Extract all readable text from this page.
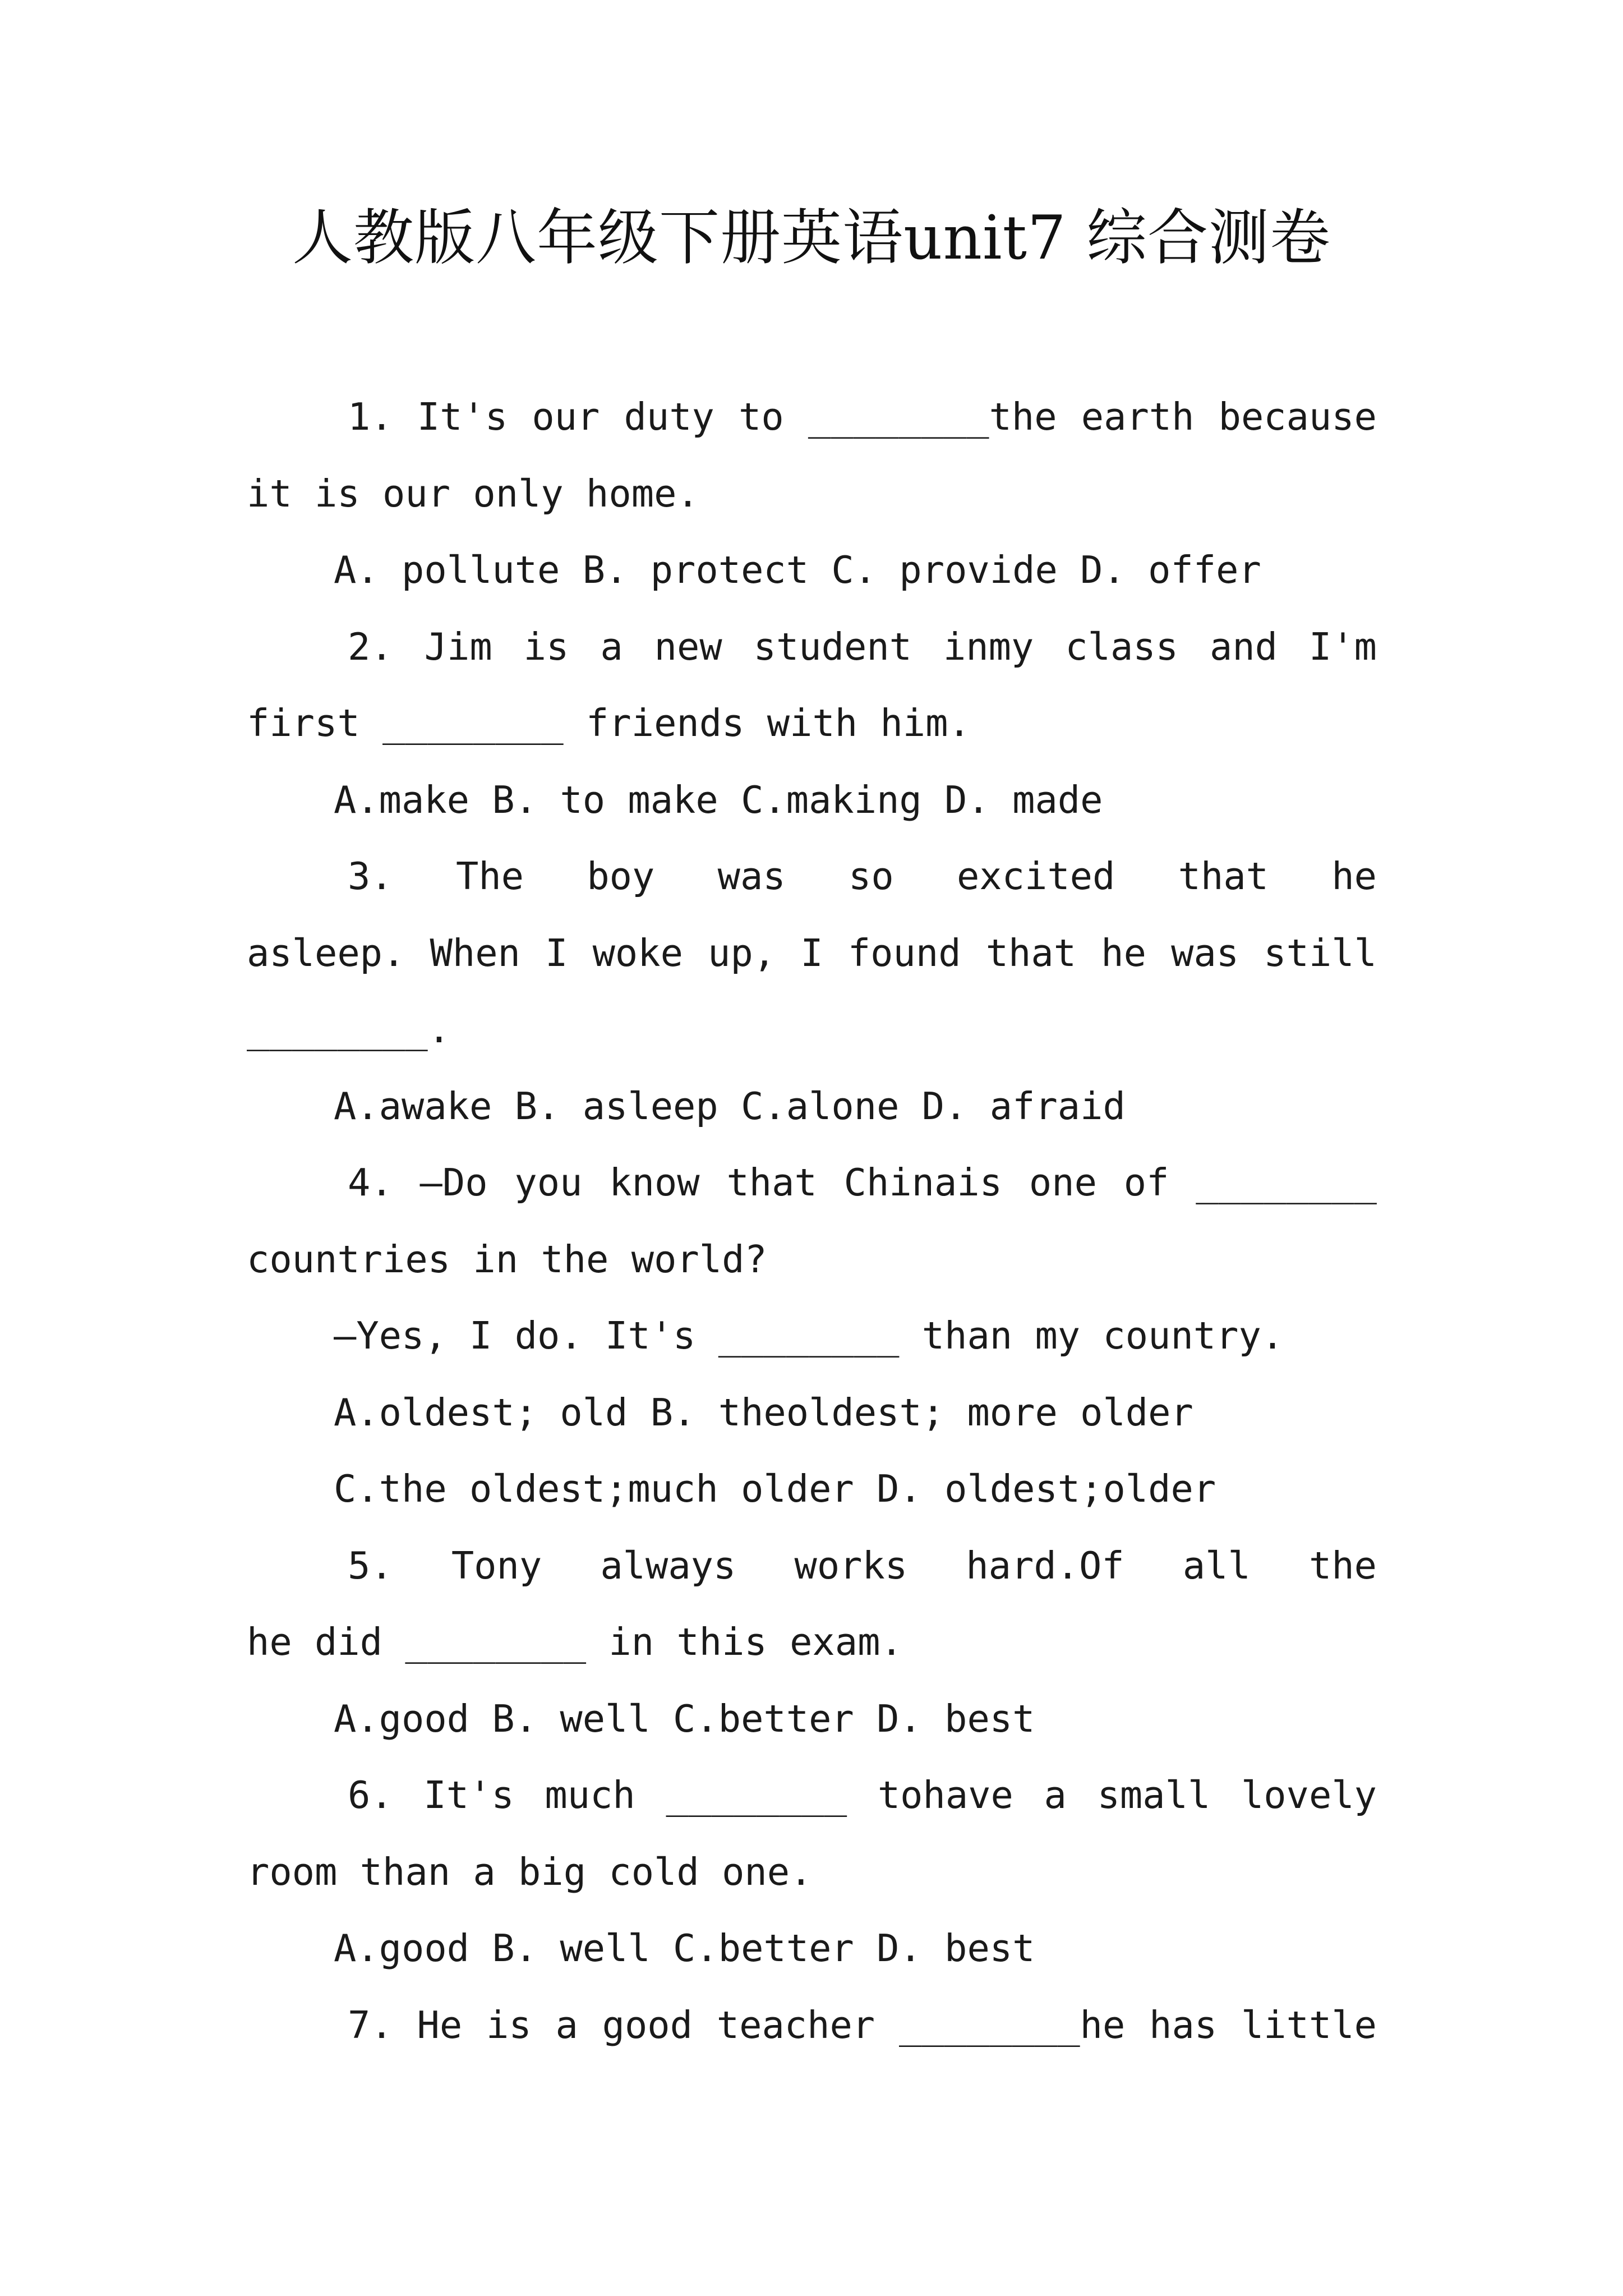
人教版八年级下册英语unit7 综合测卷
1. It's our duty to ________the earth because
it is our only home.
A. pollute B. protect C. provide D. offer
2. Jim is a new student inmy class and I'm
first ________ friends with him.
A.make B. to make C.making D. made
3. The boy was so excited that he
asleep. When I woke up, I found that he was still
________.
A.awake B. asleep C.alone D. afraid
4. —Do you know that Chinais one of ________
countries in the world?
—Yes, I do. It's ________ than my country.
A.oldest; old B. theoldest; more older
C.the oldest;much older D. oldest;older
5. Tony always works hard.Of all the
he did ________ in this exam.
A.good B. well C.better D. best
6. It's much ________ tohave a small lovely
room than a big cold one.
A.good B. well C.better D. best
7. He is a good teacher ________he has little
